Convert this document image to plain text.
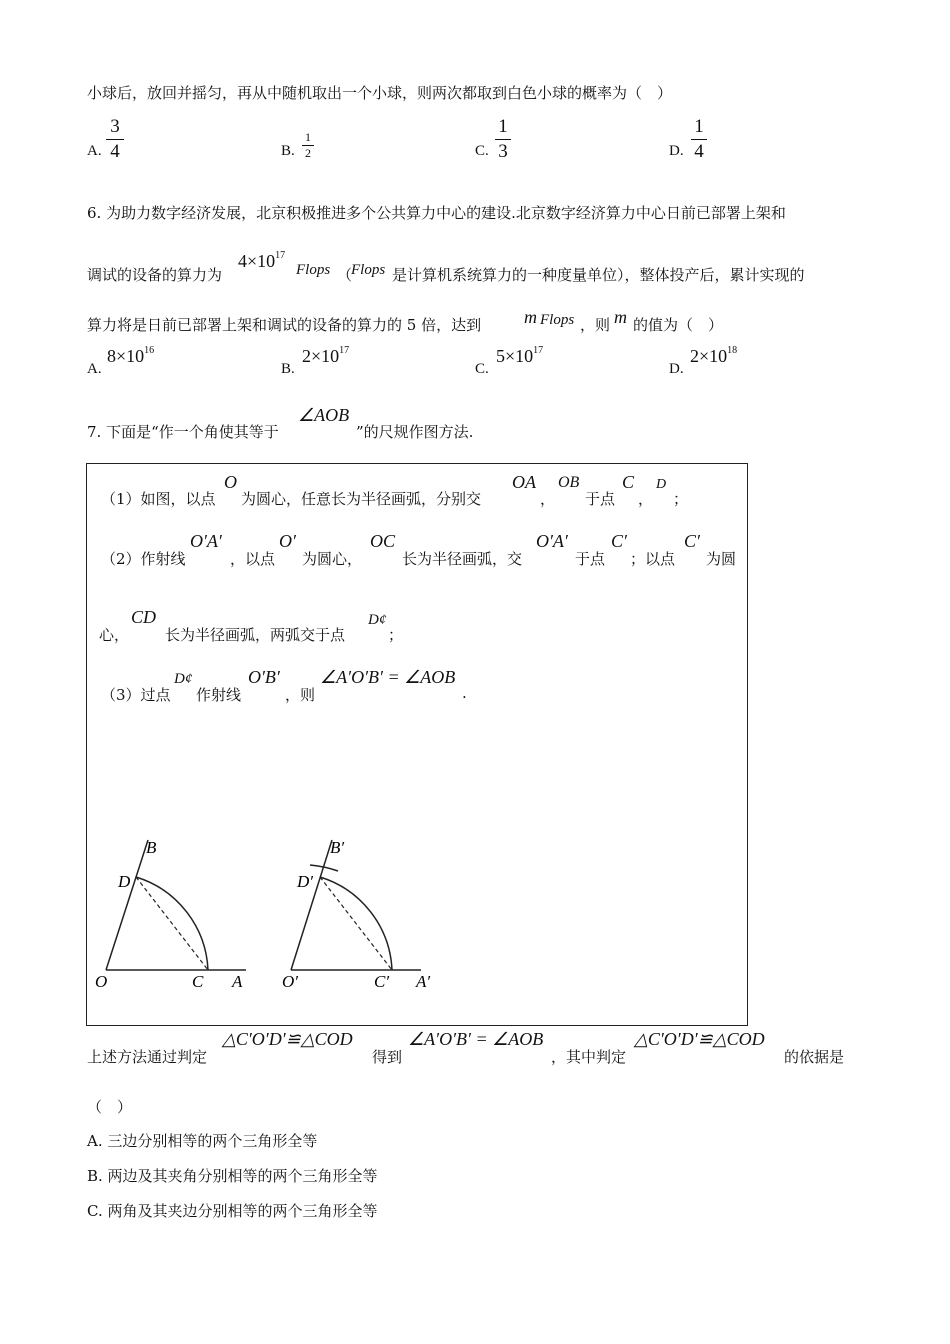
小球后，放回并摇匀，再从中随机取出一个小球，则两次都取到白色小球的概率为（　）
A.
3
4	B.
1
2	C.
1
3	D.
1
4
6. 为助力数字经济发展，北京积极推进多个公共算力中心的建设.北京数字经济算力中心日前已部署上架和
调试的设备的算力为
$4\times 10^{17}$
Flops （
Flops 是计算机系统算力的一种度量单位），整体投产后，累计实现的
算力将是日前已部署上架和调试的设备的算力的 5 倍，达到 m Flops ，则 m 的值为（　）
A.
$8\times 10^{16}$
B.
$2\times 10^{17}$
C.
$5\times 10^{17}$
D.
$2\times 10^{18}$
7. 下面是“作一个角使其等于
∠AOB
”的尺规作图方法.
（1）如图，以点
O
为圆心，任意长为半径画弧，分别交
OA
，
OB
于点
C
，
D
；
（2）作射线
O′A′
，以点
O′
为圆心，
OC
长为半径画弧，交
O′A′
于点
C′
；以点
C′
为圆
心，
CD
长为半径画弧，两弧交于点
D¢
；
（3）过点
D¢
作射线
O′B′
，则
∠A′O′B′ = ∠AOB
.
B
D
O	C A
B′
D′
O′	C′ A′
上述方法通过判定
△C′O′D′≌△COD
得到
∠A′O′B′ = ∠AOB
，其中判定
△C′O′D′≌△COD
的依据是
（　）
A. 三边分别相等的两个三角形全等
B. 两边及其夹角分别相等的两个三角形全等
C. 两角及其夹边分别相等的两个三角形全等
